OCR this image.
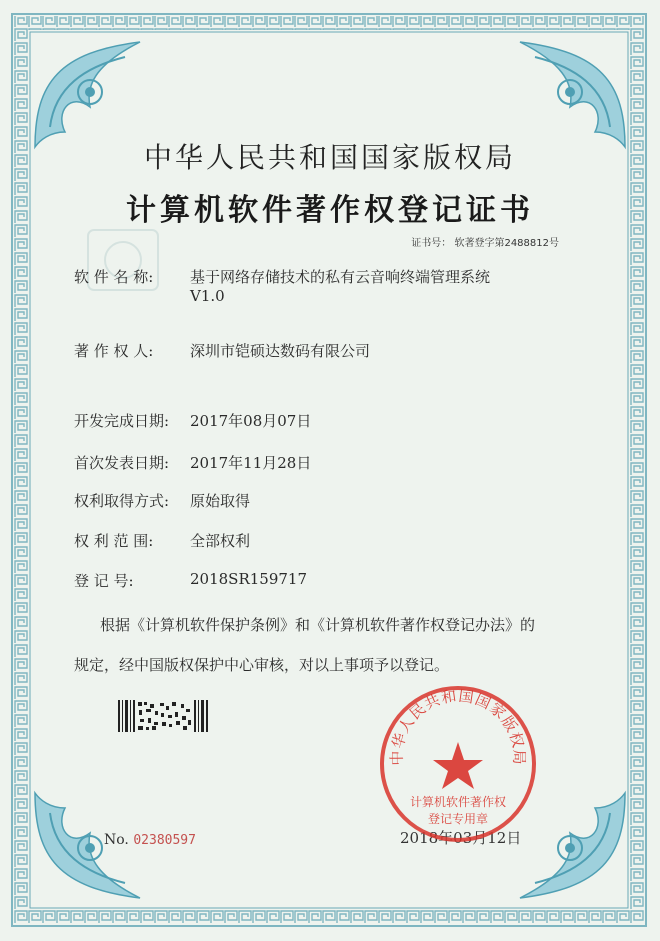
中华人民共和国国家版权局
计算机软件著作权登记证书
证书号： 软著登字第2488812号
软 件 名 称:	基于网络存储技术的私有云音响终端管理系统
V1.0
著 作 权 人:	深圳市铠硕达数码有限公司
开发完成日期:	2017年08月07日
首次发表日期:	2017年11月28日
权利取得方式:	原始取得
权 利 范 围:	全部权利
登 记 号:	2018SR159717
根据《计算机软件保护条例》和《计算机软件著作权登记办法》的
规定，经中国版权保护中心审核，对以上事项予以登记。
No. 02380597	2018年03月12日
中华人民共和国国家版权局
计算机软件著作权
登记专用章
